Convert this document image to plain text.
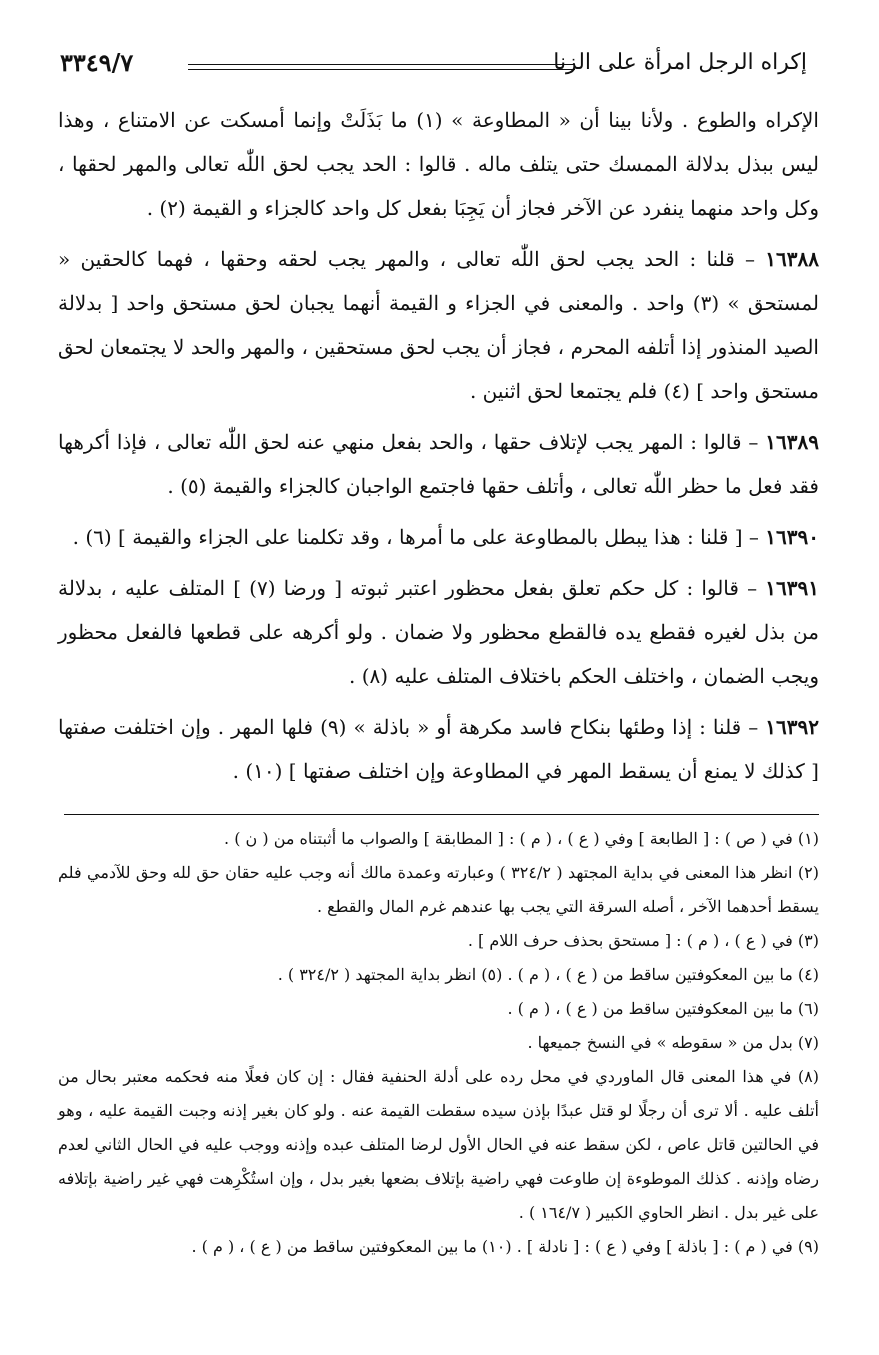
إكراه الرجل امرأة على الزنا
٣٣٤٩/٧

الإكراه والطوع . ولأنا بينا أن « المطاوعة » (١) ما بَذَلَتْ وإنما أمسكت عن الامتناع ، وهذا ليس ببذل بدلالة الممسك حتى يتلف ماله . قالوا : الحد يجب لحق اللّٰه تعالى والمهر لحقها ، وكل واحد منهما ينفرد عن الآخر فجاز أن يَجِبَا بفعل كل واحد كالجزاء و القيمة (٢) .

١٦٣٨٨ – قلنا : الحد يجب لحق اللّٰه تعالى ، والمهر يجب لحقه وحقها ، فهما كالحقين « لمستحق » (٣) واحد . والمعنى في الجزاء و القيمة أنهما يجبان لحق مستحق واحد [ بدلالة الصيد المنذور إذا أتلفه المحرم ، فجاز أن يجب لحق مستحقين ، والمهر والحد لا يجتمعان لحق مستحق واحد ] (٤) فلم يجتمعا لحق اثنين .

١٦٣٨٩ – قالوا : المهر يجب لإتلاف حقها ، والحد بفعل منهي عنه لحق اللّٰه تعالى ، فإذا أكرهها فقد فعل ما حظر اللّٰه تعالى ، وأتلف حقها فاجتمع الواجبان كالجزاء والقيمة (٥) .

١٦٣٩٠ – [ قلنا : هذا يبطل بالمطاوعة على ما أمرها ، وقد تكلمنا على الجزاء والقيمة ] (٦) .

١٦٣٩١ – قالوا : كل حكم تعلق بفعل محظور اعتبر ثبوته [ ورضا (٧) ] المتلف عليه ، بدلالة من بذل لغيره فقطع يده فالقطع محظور ولا ضمان . ولو أكرهه على قطعها فالفعل محظور ويجب الضمان ، واختلف الحكم باختلاف المتلف عليه (٨) .

١٦٣٩٢ – قلنا : إذا وطئها بنكاح فاسد مكرهة أو « باذلة » (٩) فلها المهر . وإن اختلفت صفتها [ كذلك لا يمنع أن يسقط المهر في المطاوعة وإن اختلف صفتها ] (١٠) .

(١) في ( ص ) : [ الطابعة ] وفي ( ع ) ، ( م ) : [ المطابقة ] والصواب ما أثبتناه من ( ن ) .

(٢) انظر هذا المعنى في بداية المجتهد ( ٣٢٤/٢ ) وعبارته وعمدة مالك أنه وجب عليه حقان حق لله وحق للآدمي فلم يسقط أحدهما الآخر ، أصله السرقة التي يجب بها عندهم غرم المال والقطع .

(٣) في ( ع ) ، ( م ) : [ مستحق بحذف حرف اللام ] .

(٤) ما بين المعكوفتين ساقط من ( ع ) ، ( م ) . (٥) انظر بداية المجتهد ( ٣٢٤/٢ ) .

(٦) ما بين المعكوفتين ساقط من ( ع ) ، ( م ) .

(٧) بدل من « سقوطه » في النسخ جميعها .

(٨) في هذا المعنى قال الماوردي في محل رده على أدلة الحنفية فقال : إن كان فعلًا منه فحكمه معتبر بحال من أتلف عليه . ألا ترى أن رجلًا لو قتل عبدًا بإذن سيده سقطت القيمة عنه . ولو كان بغير إذنه وجبت القيمة عليه ، وهو في الحالتين قاتل عاص ، لكن سقط عنه في الحال الأول لرضا المتلف عبده وإذنه ووجب عليه في الحال الثاني لعدم رضاه وإذنه . كذلك الموطوءة إن طاوعت فهي راضية بإتلاف بضعها بغير بدل ، وإن استُكْرِهت فهي غير راضية بإتلافه على غير بدل . انظر الحاوي الكبير ( ١٦٤/٧ ) .

(٩) في ( م ) : [ باذلة ] وفي ( ع ) : [ نادلة ] . (١٠) ما بين المعكوفتين ساقط من ( ع ) ، ( م ) .
